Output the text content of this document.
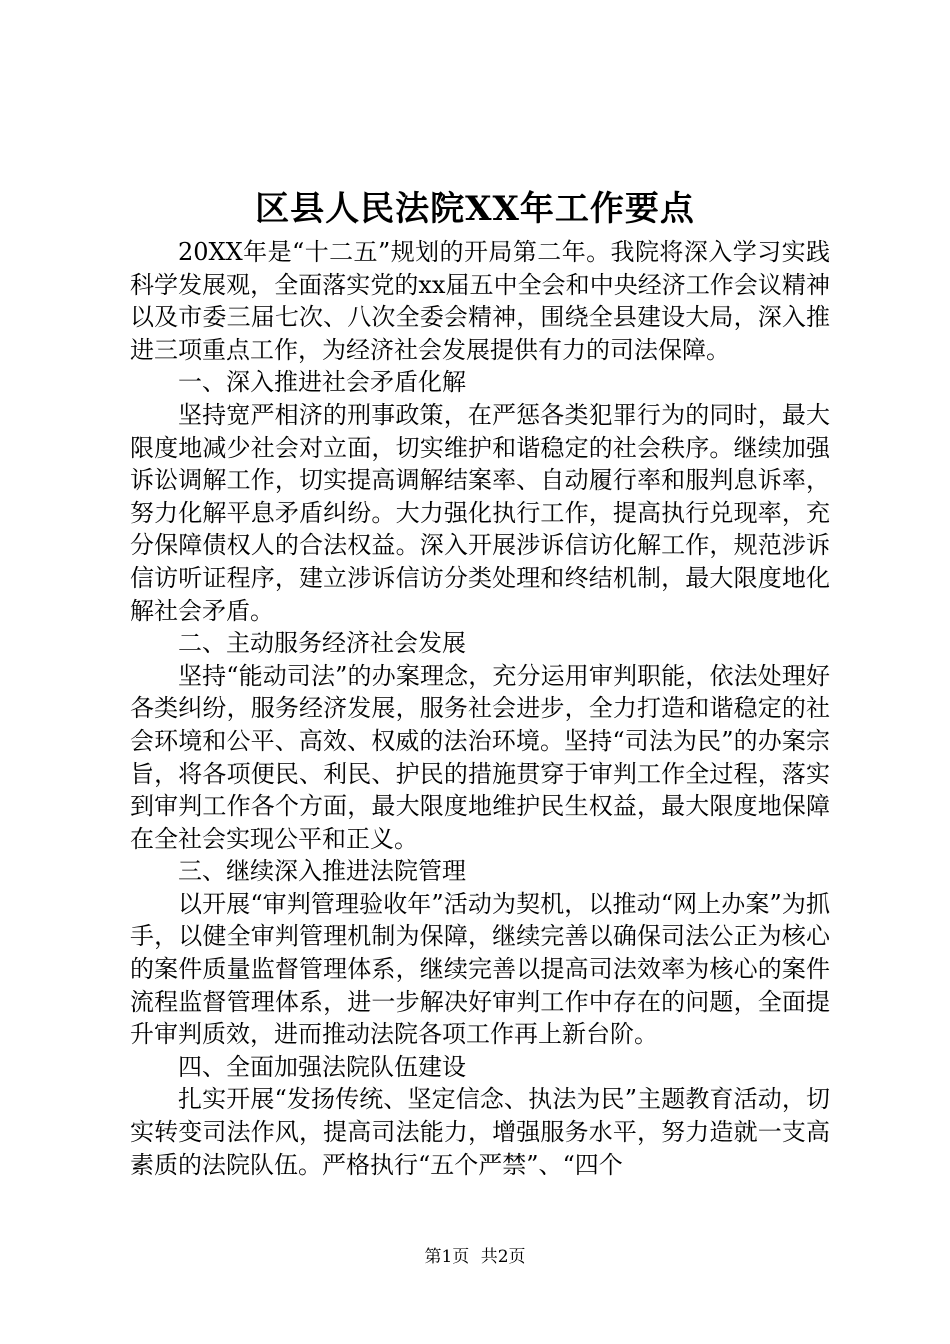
区县人民法院XX年工作要点

20XX年是“十二五”规划的开局第二年。我院将深入学习实践科学发展观，全面落实党的xx届五中全会和中央经济工作会议精神以及市委三届七次、八次全委会精神，围绕全县建设大局，深入推进三项重点工作，为经济社会发展提供有力的司法保障。

一、深入推进社会矛盾化解

坚持宽严相济的刑事政策，在严惩各类犯罪行为的同时，最大限度地减少社会对立面，切实维护和谐稳定的社会秩序。继续加强诉讼调解工作，切实提高调解结案率、自动履行率和服判息诉率，努力化解平息矛盾纠纷。大力强化执行工作，提高执行兑现率，充分保障债权人的合法权益。深入开展涉诉信访化解工作，规范涉诉信访听证程序，建立涉诉信访分类处理和终结机制，最大限度地化解社会矛盾。

二、主动服务经济社会发展

坚持“能动司法”的办案理念，充分运用审判职能，依法处理好各类纠纷，服务经济发展，服务社会进步，全力打造和谐稳定的社会环境和公平、高效、权威的法治环境。坚持“司法为民”的办案宗旨，将各项便民、利民、护民的措施贯穿于审判工作全过程，落实到审判工作各个方面，最大限度地维护民生权益，最大限度地保障在全社会实现公平和正义。

三、继续深入推进法院管理

以开展“审判管理验收年”活动为契机，以推动“网上办案”为抓手，以健全审判管理机制为保障，继续完善以确保司法公正为核心的案件质量监督管理体系，继续完善以提高司法效率为核心的案件流程监督管理体系，进一步解决好审判工作中存在的问题，全面提升审判质效，进而推动法院各项工作再上新台阶。

四、全面加强法院队伍建设

扎实开展“发扬传统、坚定信念、执法为民”主题教育活动，切实转变司法作风，提高司法能力，增强服务水平，努力造就一支高素质的法院队伍。严格执行“五个严禁”、“四个

第1页 共2页
